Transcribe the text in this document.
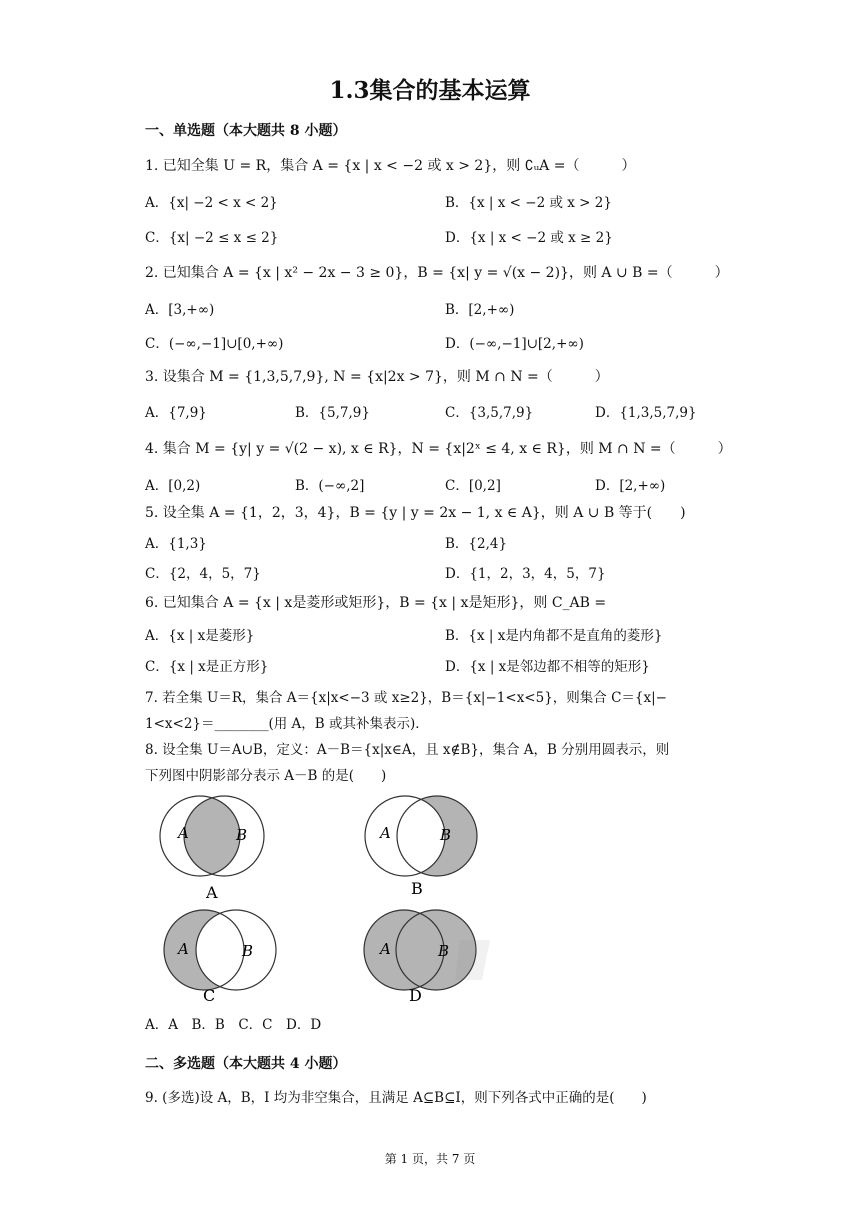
1.3集合的基本运算
一、单选题（本大题共 8 小题）
1. 已知全集 U = R，集合 A = {x | x < −2 或 x > 2}，则 ∁ᵤA =（　　　）
A．{x| −2 < x < 2}	B．{x | x < −2 或 x > 2}
C．{x| −2 ≤ x ≤ 2}	D．{x | x < −2 或 x ≥ 2}
2. 已知集合 A = {x | x² − 2x − 3 ≥ 0}，B = {x| y = √(x − 2)}，则 A ∪ B =（　　　）
A．[3,+∞)	B．[2,+∞)
C．(−∞,−1]∪[0,+∞)	D．(−∞,−1]∪[2,+∞)
3. 设集合 M = {1,3,5,7,9}, N = {x|2x > 7}，则 M ∩ N =（　　　）
A．{7,9}	B．{5,7,9}	C．{3,5,7,9}	D．{1,3,5,7,9}
4. 集合 M = {y| y = √(2 − x), x ∈ R}，N = {x|2ˣ ≤ 4, x ∈ R}，则 M ∩ N =（　　　）
A．[0,2)	B．(−∞,2]	C．[0,2]	D．[2,+∞)
5. 设全集 A = {1，2，3，4}，B = {y | y = 2x − 1, x ∈ A}，则 A ∪ B 等于(　　)
A．{1,3}	B．{2,4}
C．{2，4，5，7}	D．{1，2，3，4，5，7}
6. 已知集合 A = {x | x是菱形或矩形}，B = {x | x是矩形}，则 C_AB =
A．{x | x是菱形}	B．{x | x是内角都不是直角的菱形}
C．{x | x是正方形}	D．{x | x是邻边都不相等的矩形}
7. 若全集 U＝R，集合 A＝{x|x<−3 或 x≥2}，B＝{x|−1<x<5}，则集合 C＝{x|−
1<x<2}＝________(用 A，B 或其补集表示)．
8. 设全集 U＝A∪B，定义：A－B＝{x|x∈A，且 x∉B}，集合 A，B 分别用圆表示，则
下列图中阴影部分表示 A－B 的是(　　)
A	B
A
A	B
B
A	B
C
A	B
D
A．A　B．B　C．C　D．D
二、多选题（本大题共 4 小题）
9. (多选)设 A，B，I 均为非空集合，且满足 A⊆B⊆I，则下列各式中正确的是(　　)
第 1 页，共 7 页
